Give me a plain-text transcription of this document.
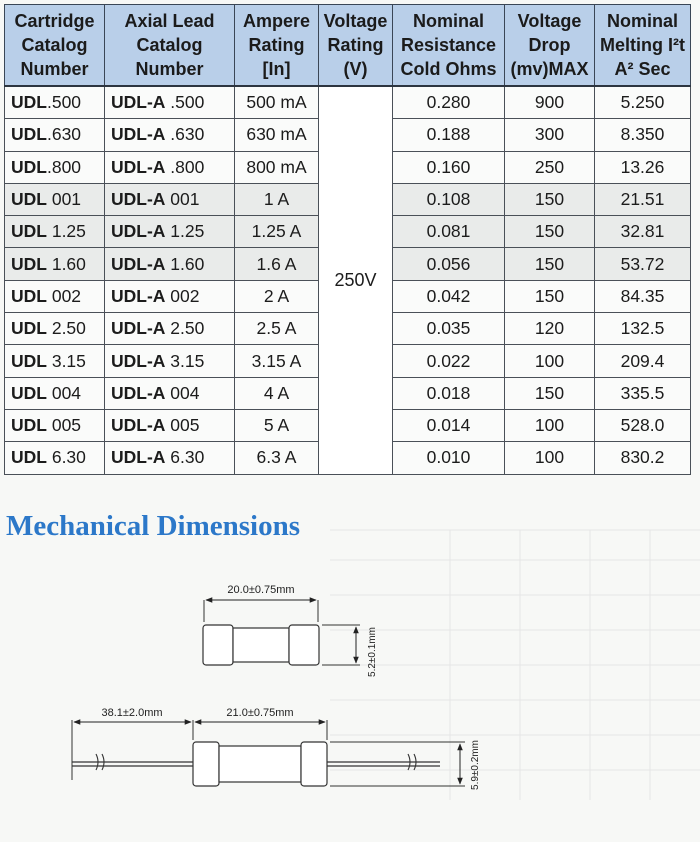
Cartridge
Catalog
Number	Axial Lead
Catalog
Number	Ampere
Rating
[In]	Voltage
Rating
(V)	Nominal
Resistance
Cold Ohms	Voltage
Drop
(mv)MAX	Nominal
Melting I²t
A² Sec

UDL.500	UDL-A .500	500 mA	250V	0.280	900	5.250
UDL.630	UDL-A .630	630 mA		0.188	300	8.350
UDL.800	UDL-A .800	800 mA		0.160	250	13.26
UDL 001	UDL-A 001	1 A		0.108	150	21.51
UDL 1.25	UDL-A 1.25	1.25 A		0.081	150	32.81
UDL 1.60	UDL-A 1.60	1.6 A		0.056	150	53.72
UDL 002	UDL-A 002	2 A		0.042	150	84.35
UDL 2.50	UDL-A 2.50	2.5 A		0.035	120	132.5
UDL 3.15	UDL-A 3.15	3.15 A		0.022	100	209.4
UDL 004	UDL-A 004	4 A		0.018	150	335.5
UDL 005	UDL-A 005	5 A		0.014	100	528.0
UDL 6.30	UDL-A 6.30	6.3 A		0.010	100	830.2
Mechanical Dimensions
20.0±0.75mm
5.2±0.1mm
38.1±2.0mm	21.0±0.75mm
5.9±0.2mm
